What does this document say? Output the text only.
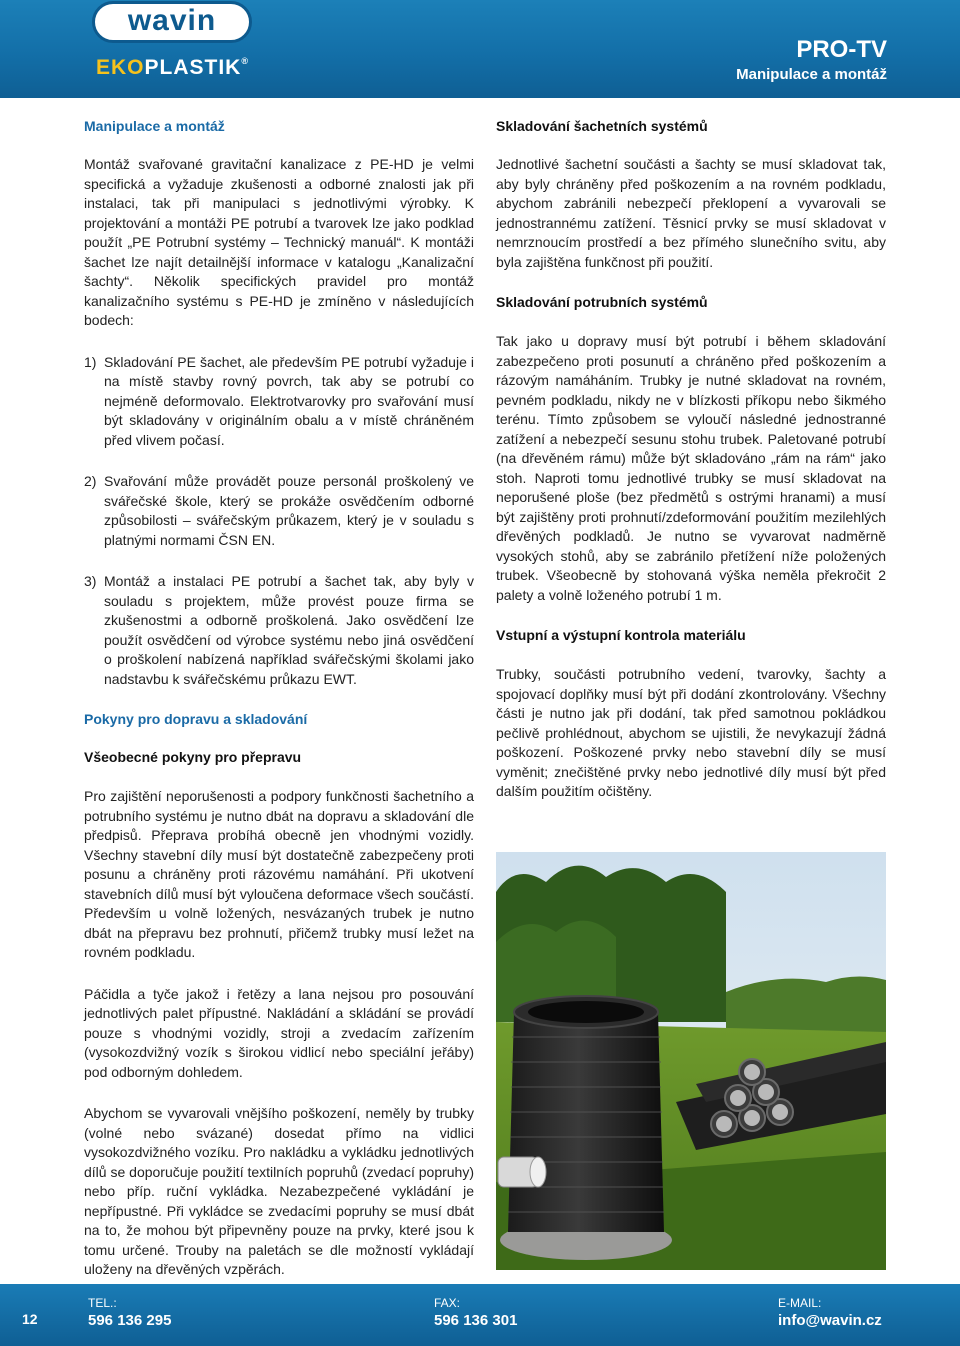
wavin
EKOPLASTIK®	PRO-TV
Manipulace a montáž
Manipulace a montáž

Montáž svařované gravitační kanalizace z PE-HD je velmi specifická a vyžaduje zkušenosti a odborné znalosti jak při instalaci, tak při manipulaci s jednotlivými výrobky. K projektování a montáži PE potrubí a tvarovek lze jako podklad použít „PE Potrubní systémy – Technický manuál“. K montáži šachet lze najít detailnější informace v katalogu „Kanalizační šachty“. Několik specifických pravidel pro montáž kanalizačního systému s PE-HD je zmíněno v následujících bodech:

1) Skladování PE šachet, ale především PE potrubí vyžaduje i na místě stavby rovný povrch, tak aby se potrubí co nejméně deformovalo. Elektrotvarovky pro svařování musí být skladovány v originálním obalu a v místě chráněném před vlivem počasí.
2) Svařování může provádět pouze personál proškolený ve svářečské škole, který se prokáže osvědčením odborné způsobilosti – svářečským průkazem, který je v souladu s platnými normami ČSN EN.
3) Montáž a instalaci PE potrubí a šachet tak, aby byly v souladu s projektem, může provést pouze firma se zkušenostmi a odborně proškolená. Jako osvědčení lze použít osvědčení od výrobce systému nebo jiná osvědčení o proškolení nabízená například svářečskými školami jako nadstavbu k svářečskému průkazu EWT.
Pokyny pro dopravu a skladování
Všeobecné pokyny pro přepravu

Pro zajištění neporušenosti a podpory funkčnosti šachetního a potrubního systému je nutno dbát na dopravu a skladování dle předpisů. Přeprava probíhá obecně jen vhodnými vozidly. Všechny stavební díly musí být dostatečně zabezpečeny proti posunu a chráněny proti rázovému namáhání. Při ukotvení stavebních dílů musí být vyloučena deformace všech součástí. Především u volně ložených, nesvázaných trubek je nutno dbát na přepravu bez prohnutí, přičemž trubky musí ležet na rovném podkladu.

Páčidla a tyče jakož i řetězy a lana nejsou pro posouvání jednotlivých palet přípustné. Nakládání a skládání se provádí pouze s vhodnými vozidly, stroji a zvedacím zařízením (vysokozdvižný vozík s širokou vidlicí nebo speciální jeřáby) pod odborným dohledem.

Abychom se vyvarovali vnějšího poškození, neměly by trubky (volné nebo svázané) dosedat přímo na vidlici vysokozdvižného vozíku. Pro nakládku a vykládku jednotlivých dílů se doporučuje použití textilních popruhů (zvedací popruhy) nebo příp. ruční vykládka. Nezabezpečené vykládání je nepřípustné. Při vykládce se zvedacími popruhy se musí dbát na to, že mohou být připevněny pouze na prvky, které jsou k tomu určené. Trouby na paletách se dle možností vykládají uloženy na dřevěných vzpěrách.

Skladování šachetních systémů

Jednotlivé šachetní součásti a šachty se musí skladovat tak, aby byly chráněny před poškozením a na rovném podkladu, abychom zabránili nebezpečí překlopení a vyvarovali se jednostrannému zatížení. Těsnicí prvky se musí skladovat v nemrznoucím prostředí a bez přímého slunečního svitu, aby byla zajištěna funkčnost při použití.

Skladování potrubních systémů

Tak jako u dopravy musí být potrubí i během skladování zabezpečeno proti posunutí a chráněno před poškozením a rázovým namáháním. Trubky je nutné skladovat na rovném, pevném podkladu, nikdy ne v blízkosti příkopu nebo šikmého terénu. Tímto způsobem se vyloučí následné jednostranné zatížení a nebezpečí sesunu stohu trubek. Paletované potrubí (na dřevěném rámu) může být skladováno „rám na rám“ jako stoh. Naproti tomu jednotlivé trubky se musí skladovat na neporušené ploše (bez předmětů s ostrými hranami) a musí být zajištěny proti prohnutí/zdeformování použitím mezilehlých dřevěných podkladů. Je nutno se vyvarovat nadměrně vysokých stohů, aby se zabránilo přetížení níže položených trubek. Všeobecně by stohovaná výška neměla překročit 2 palety a volně loženého potrubí 1 m.

Vstupní a výstupní kontrola materiálu

Trubky, součásti potrubního vedení, tvarovky, šachty a spojovací doplňky musí být při dodání zkontrolovány. Všechny části je nutno jak při dodání, tak před samotnou pokládkou pečlivě prohlédnout, abychom se ujistili, že nevykazují žádná poškození. Poškozené prvky nebo stavební díly se musí vyměnit; znečištěné prvky nebo jednotlivé díly musí být před dalším použitím očištěny.

12
TEL.:
596 136 295
FAX:
596 136 301
E-MAIL:
info@wavin.cz
